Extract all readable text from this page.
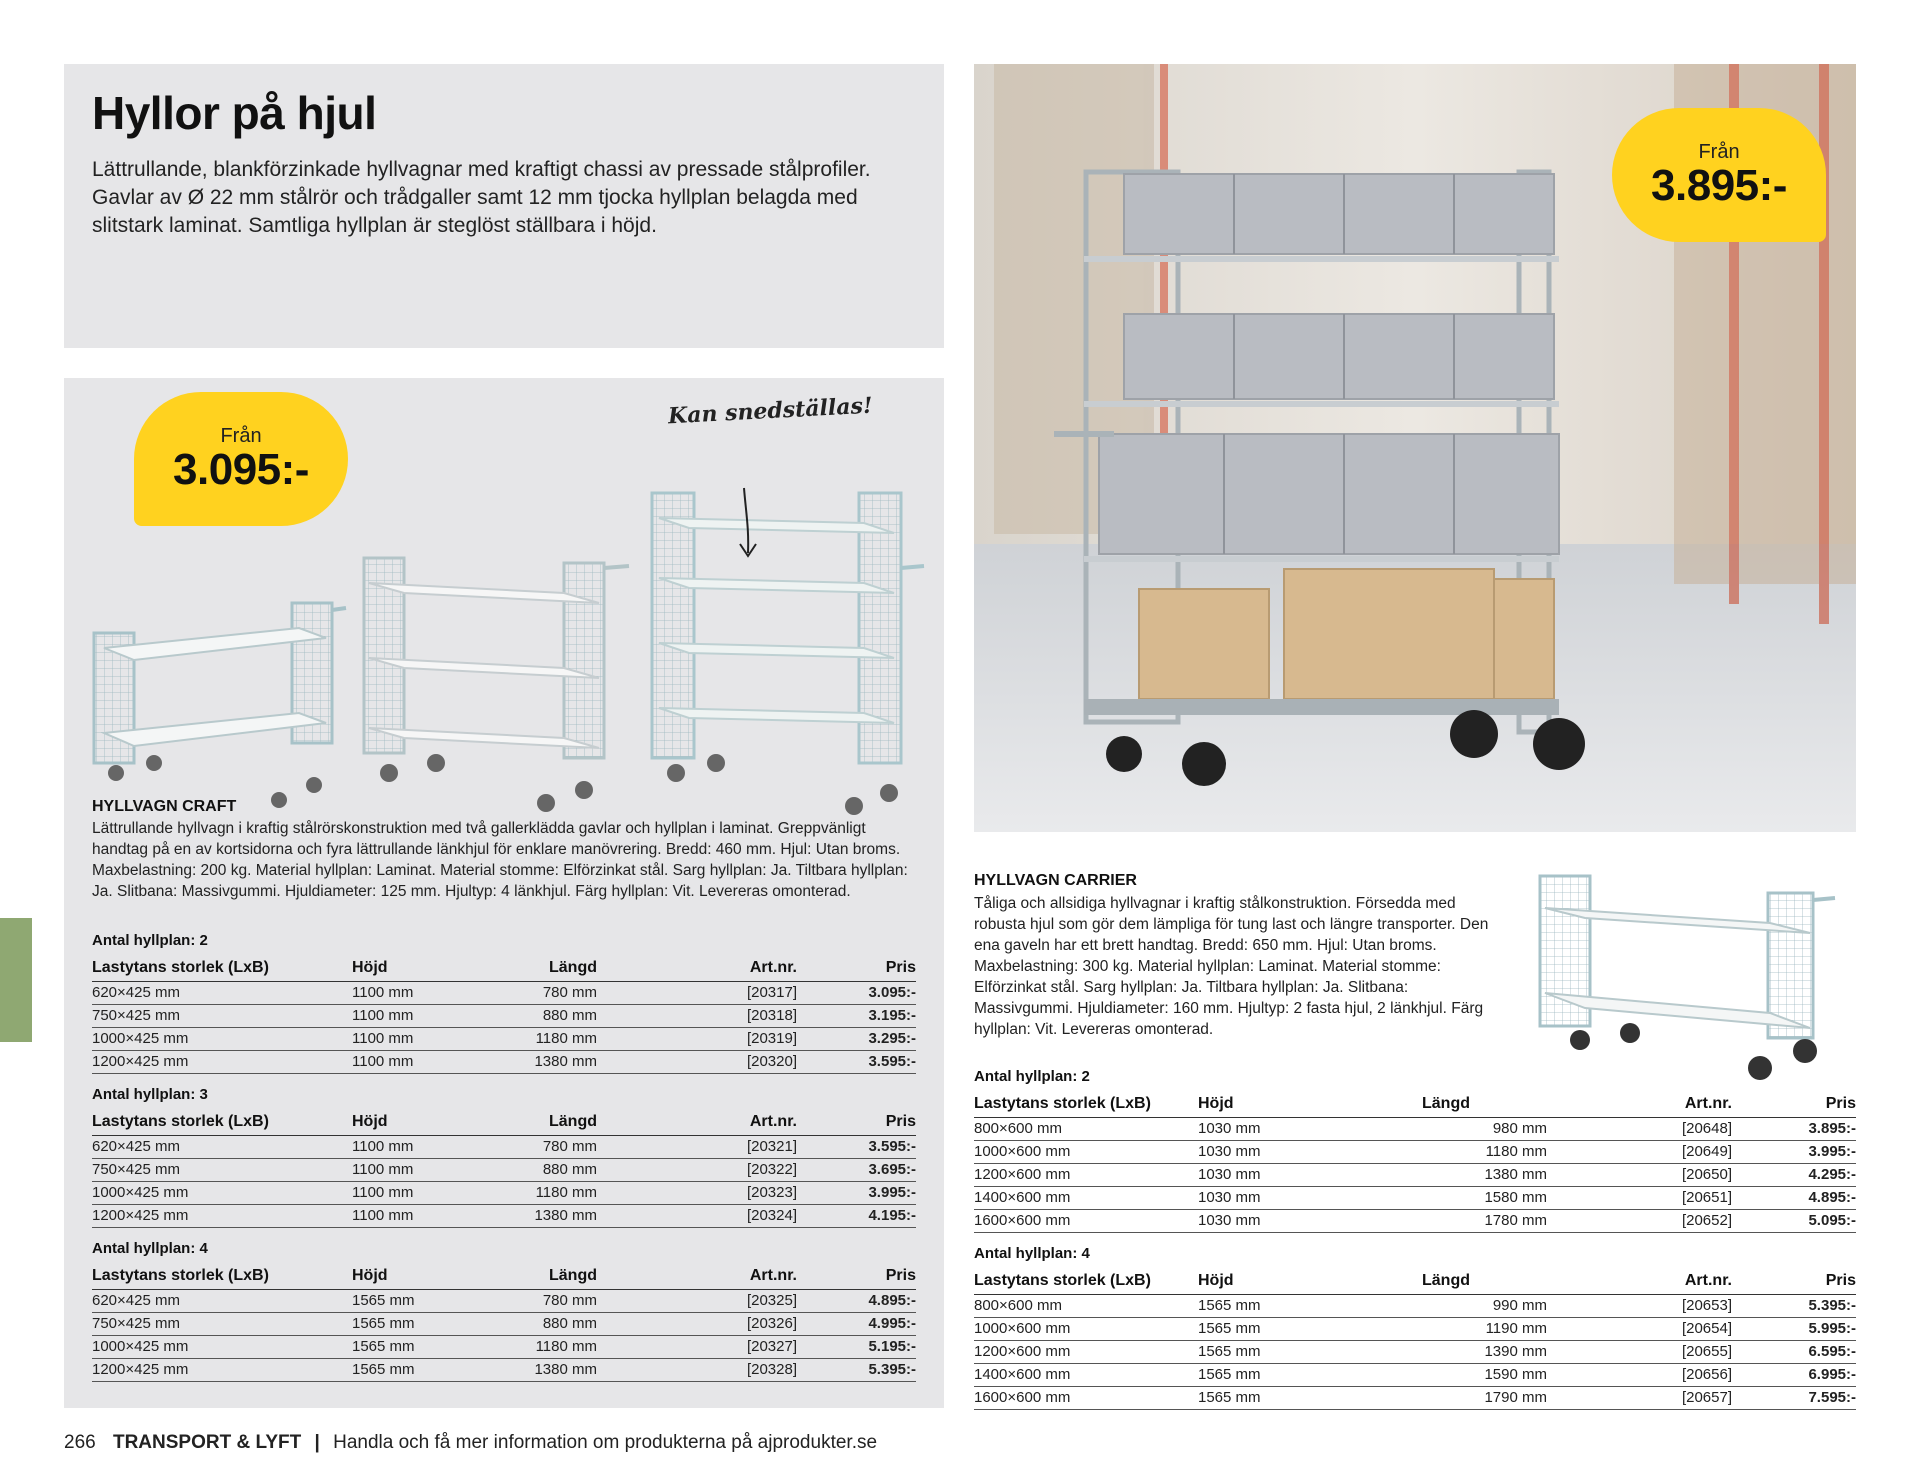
Hyllor på hjul

Lättrullande, blankförzinkade hyllvagnar med kraftigt chassi av pressade stålprofiler. Gavlar av Ø 22 mm stålrör och trådgaller samt 12 mm tjocka hyllplan belagda med slitstark laminat. Samtliga hyllplan är steglöst ställbara i höjd.

Från
3.095:-
Kan snedställas!
HYLLVAGN CRAFT

Lättrullande hyllvagn i kraftig stålrörskonstruktion med två gallerklädda gavlar och hyllplan i laminat. Greppvänligt handtag på en av kortsidorna och fyra lättrullande länkhjul för enklare manövrering. Bredd: 460 mm. Hjul: Utan broms. Maxbelastning: 200 kg. Material hyllplan: Laminat. Material stomme: Elförzinkat stål. Sarg hyllplan: Ja. Tiltbara hyllplan: Ja. Slitbana: Massivgummi. Hjuldiameter: 125 mm. Hjultyp: 4 länkhjul. Färg hyllplan: Vit. Levereras omonterad.

Antal hyllplan: 2
Lastytans storlek (LxB)	Höjd	Längd	Art.nr.	Pris
620×425 mm	1100 mm	780 mm	[20317]	3.095:-
750×425 mm	1100 mm	880 mm	[20318]	3.195:-
1000×425 mm	1100 mm	1180 mm	[20319]	3.295:-
1200×425 mm	1100 mm	1380 mm	[20320]	3.595:-
Antal hyllplan: 3
Lastytans storlek (LxB)	Höjd	Längd	Art.nr.	Pris
620×425 mm	1100 mm	780 mm	[20321]	3.595:-
750×425 mm	1100 mm	880 mm	[20322]	3.695:-
1000×425 mm	1100 mm	1180 mm	[20323]	3.995:-
1200×425 mm	1100 mm	1380 mm	[20324]	4.195:-
Antal hyllplan: 4
Lastytans storlek (LxB)	Höjd	Längd	Art.nr.	Pris
620×425 mm	1565 mm	780 mm	[20325]	4.895:-
750×425 mm	1565 mm	880 mm	[20326]	4.995:-
1000×425 mm	1565 mm	1180 mm	[20327]	5.195:-
1200×425 mm	1565 mm	1380 mm	[20328]	5.395:-
Från
3.895:-
HYLLVAGN CARRIER

Tåliga och allsidiga hyllvagnar i kraftig stålkonstruktion. Försedda med robusta hjul som gör dem lämpliga för tung last och längre transporter. Den ena gaveln har ett brett handtag. Bredd: 650 mm. Hjul: Utan broms. Maxbelastning: 300 kg. Material hyllplan: Laminat. Material stomme: Elförzinkat stål. Sarg hyllplan: Ja. Tiltbara hyllplan: Ja. Slitbana: Massivgummi. Hjuldiameter: 160 mm. Hjultyp: 2 fasta hjul, 2 länkhjul. Färg hyllplan: Vit. Levereras omonterad.

Antal hyllplan: 2
Lastytans storlek (LxB)	Höjd	Längd	Art.nr.	Pris
800×600 mm	1030 mm	980 mm	[20648]	3.895:-
1000×600 mm	1030 mm	1180 mm	[20649]	3.995:-
1200×600 mm	1030 mm	1380 mm	[20650]	4.295:-
1400×600 mm	1030 mm	1580 mm	[20651]	4.895:-
1600×600 mm	1030 mm	1780 mm	[20652]	5.095:-
Antal hyllplan: 4
Lastytans storlek (LxB)	Höjd	Längd	Art.nr.	Pris
800×600 mm	1565 mm	990 mm	[20653]	5.395:-
1000×600 mm	1565 mm	1190 mm	[20654]	5.995:-
1200×600 mm	1565 mm	1390 mm	[20655]	6.595:-
1400×600 mm	1565 mm	1590 mm	[20656]	6.995:-
1600×600 mm	1565 mm	1790 mm	[20657]	7.595:-
266 TRANSPORT & LYFT | Handla och få mer information om produkterna på ajprodukter.se
